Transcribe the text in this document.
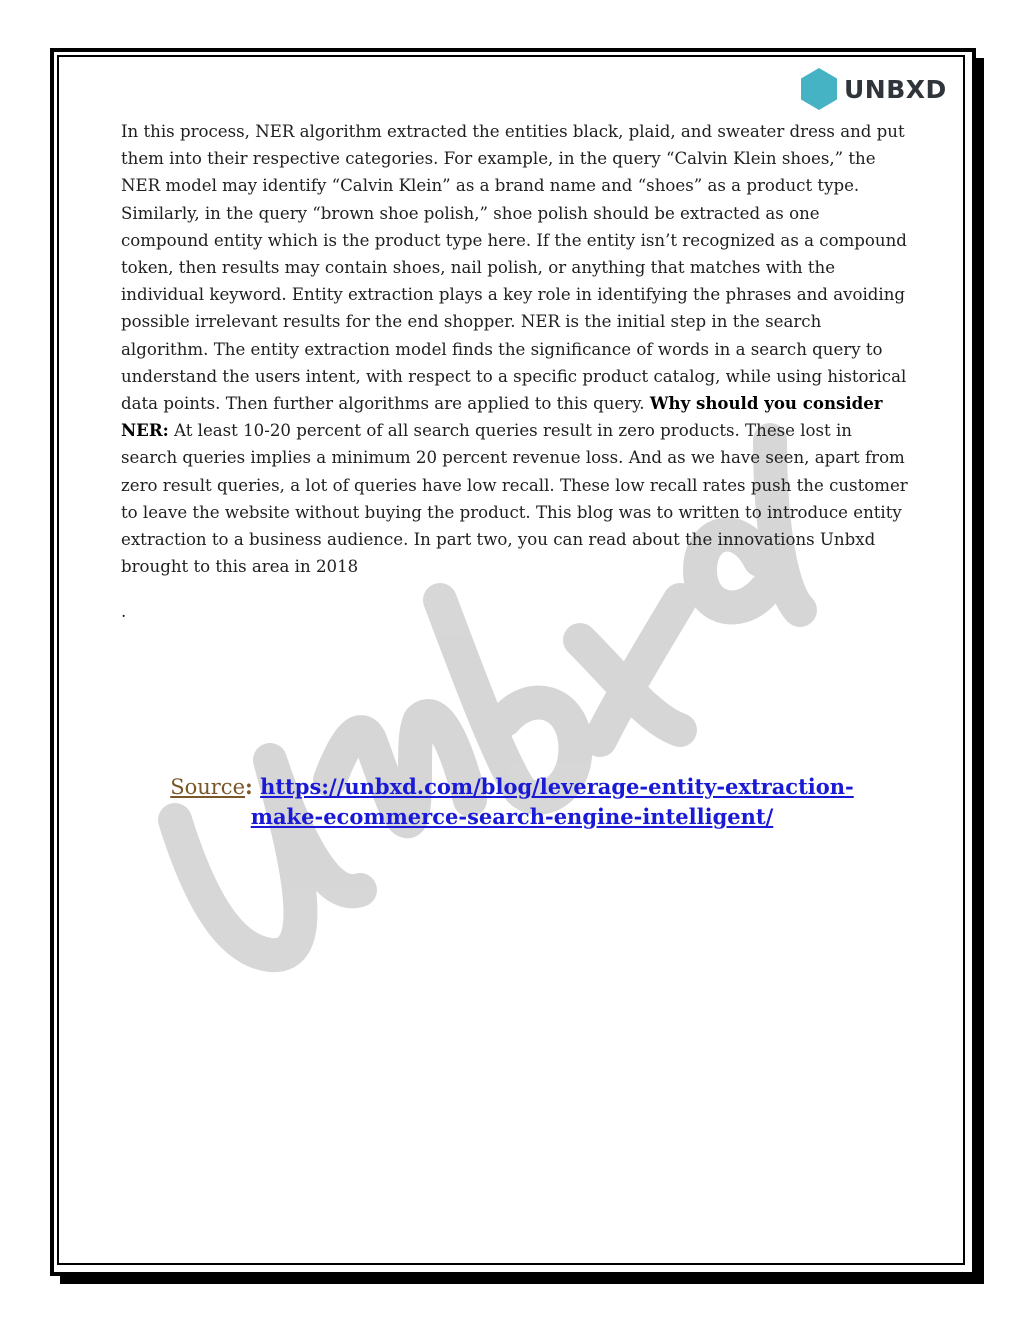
UNBXD

In this process, NER algorithm extracted the entities black, plaid, and sweater dress and put them into their respective categories. For example, in the query “Calvin Klein shoes,” the NER model may identify “Calvin Klein” as a brand name and “shoes” as a product type. Similarly, in the query “brown shoe polish,” shoe polish should be extracted as one compound entity which is the product type here. If the entity isn’t recognized as a compound token, then results may contain shoes, nail polish, or anything that matches with the individual keyword. Entity extraction plays a key role in identifying the phrases and avoiding possible irrelevant results for the end shopper. NER is the initial step in the search algorithm. The entity extraction model finds the significance of words in a search query to understand the users intent, with respect to a specific product catalog, while using historical data points. Then further algorithms are applied to this query. Why should you consider NER: At least 10-20 percent of all search queries result in zero products. These lost in search queries implies a minimum 20 percent revenue loss. And as we have seen, apart from zero result queries, a lot of queries have low recall. These low recall rates push the customer to leave the website without buying the product. This blog was to written to introduce entity extraction to a business audience. In part two, you can read about the innovations Unbxd brought to this area in 2018

.
Source: https://unbxd.com/blog/leverage-entity-extraction-make-ecommerce-search-engine-intelligent/
